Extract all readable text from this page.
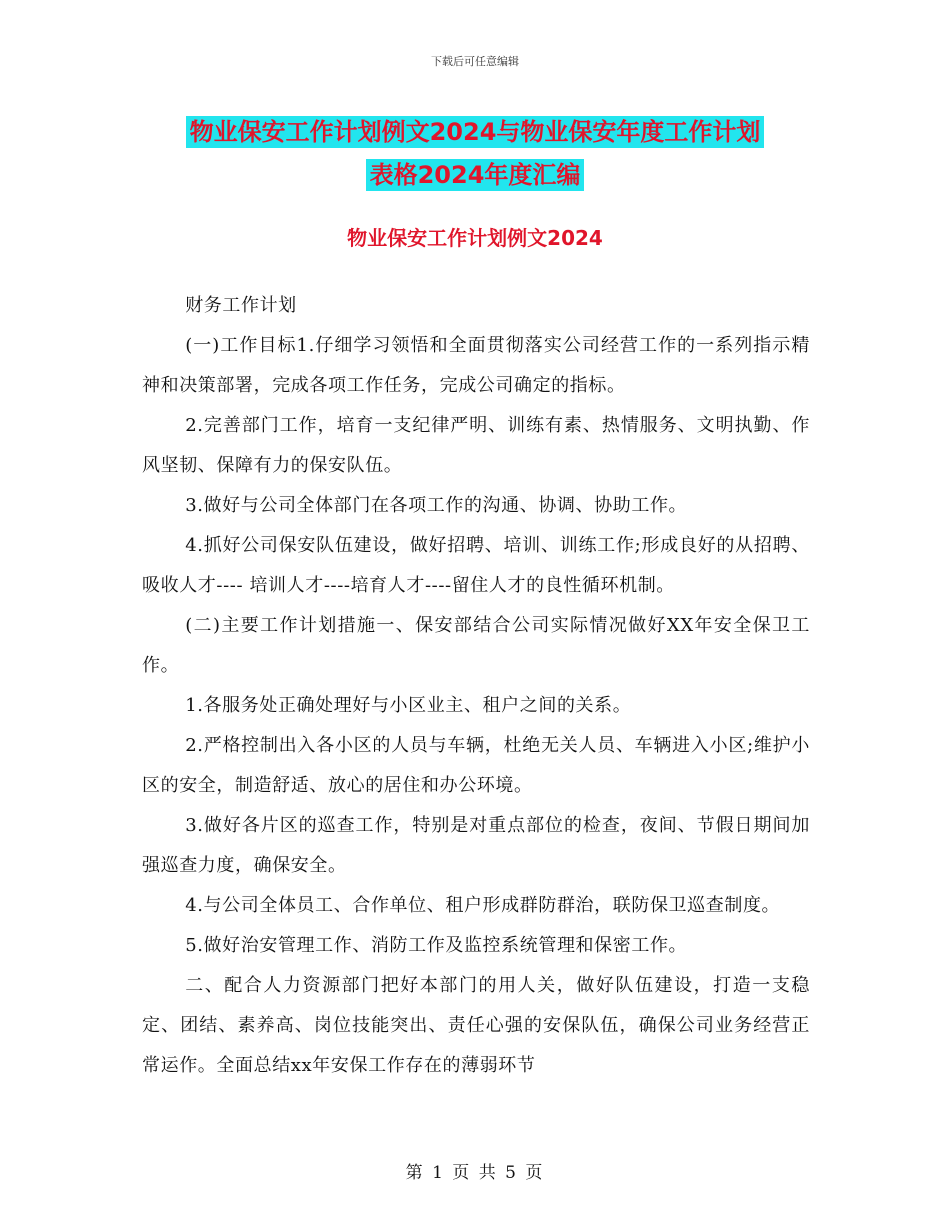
下载后可任意编辑
物业保安工作计划例文2024与物业保安年度工作计划
表格2024年度汇编
物业保安工作计划例文2024

财务工作计划

(一)工作目标1.仔细学习领悟和全面贯彻落实公司经营工作的一系列指示精神和决策部署，完成各项工作任务，完成公司确定的指标。

2.完善部门工作，培育一支纪律严明、训练有素、热情服务、文明执勤、作风坚韧、保障有力的保安队伍。

3.做好与公司全体部门在各项工作的沟通、协调、协助工作。

4.抓好公司保安队伍建设，做好招聘、培训、训练工作;形成良好的从招聘、吸收人才---- 培训人才----培育人才----留住人才的良性循环机制。

(二)主要工作计划措施一、保安部结合公司实际情况做好XX年安全保卫工作。

1.各服务处正确处理好与小区业主、租户之间的关系。

2.严格控制出入各小区的人员与车辆，杜绝无关人员、车辆进入小区;维护小区的安全，制造舒适、放心的居住和办公环境。

3.做好各片区的巡查工作，特别是对重点部位的检查，夜间、节假日期间加强巡查力度，确保安全。

4.与公司全体员工、合作单位、租户形成群防群治，联防保卫巡查制度。

5.做好治安管理工作、消防工作及监控系统管理和保密工作。

二、配合人力资源部门把好本部门的用人关，做好队伍建设，打造一支稳定、团结、素养高、岗位技能突出、责任心强的安保队伍，确保公司业务经营正常运作。全面总结xx年安保工作存在的薄弱环节

第 1 页 共 5 页
